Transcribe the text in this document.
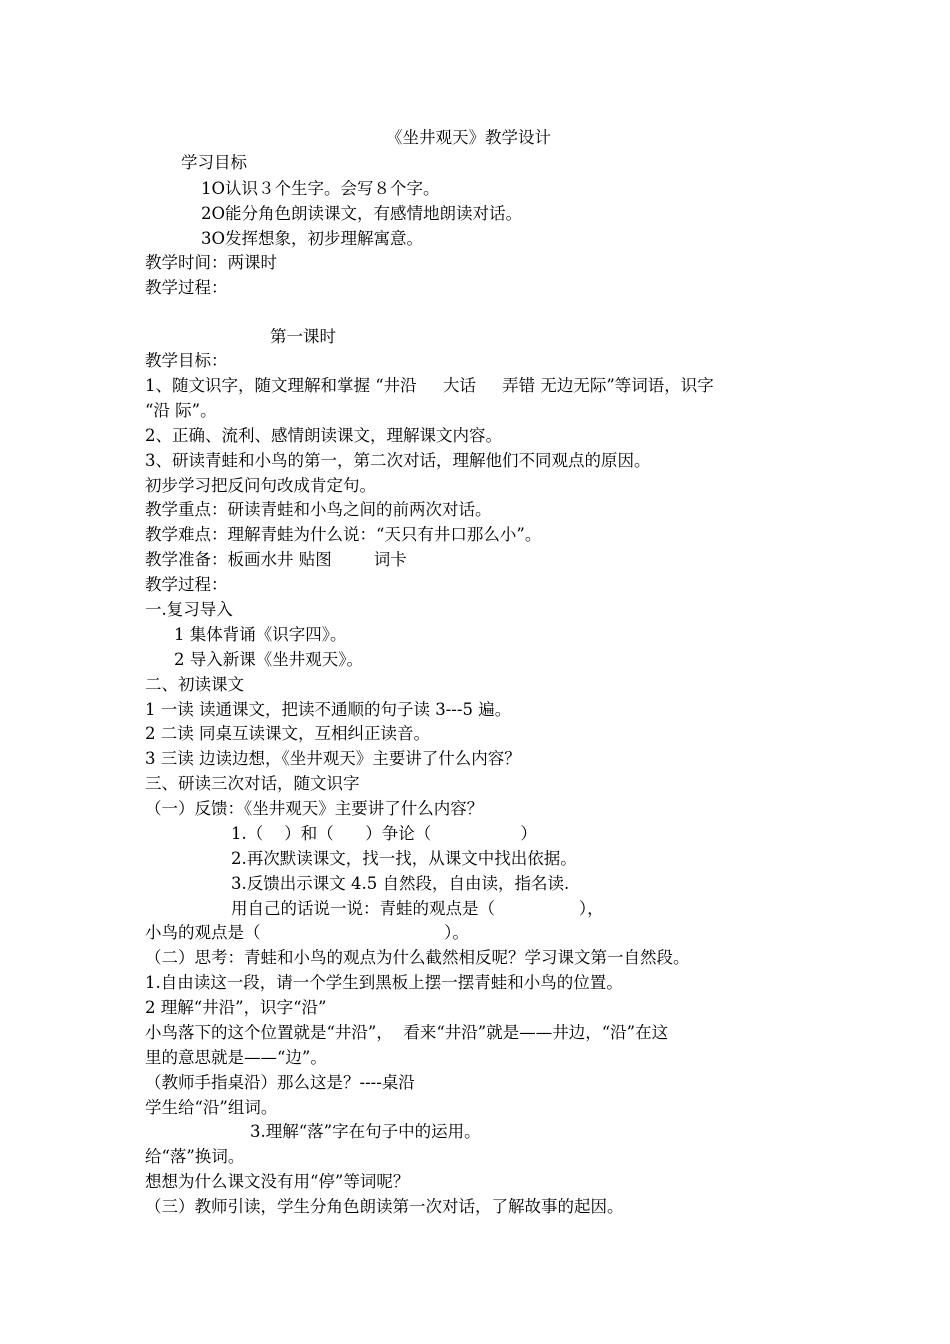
《坐井观天》教学设计
学习目标
1O认识３个生字。会写８个字。
2O能分角色朗读课文，有感情地朗读对话。
3O发挥想象，初步理解寓意。
教学时间：两课时
教学过程：
第一课时
教学目标：
1、随文识字，随文理解和掌握 “井沿     大话     弄错 无边无际”等词语，识字
“沿 际”。
2、正确、流利、感情朗读课文，理解课文内容。
3、研读青蛙和小鸟的第一，第二次对话，理解他们不同观点的原因。
初步学习把反问句改成肯定句。
教学重点：研读青蛙和小鸟之间的前两次对话。
教学难点：理解青蛙为什么说：“天只有井口那么小”。
教学准备：板画水井 贴图        词卡
教学过程：
一.复习导入
1 集体背诵《识字四》。
2 导入新课《坐井观天》。
二、初读课文
1 一读 读通课文，把读不通顺的句子读 3---5 遍。
2 二读 同桌互读课文，互相纠正读音。
3 三读 边读边想，《坐井观天》主要讲了什么内容？
三、研读三次对话，随文识字
（一）反馈：《坐井观天》主要讲了什么内容？
1.（    ）和（      ）争论（                 ）
2.再次默读课文，找一找，从课文中找出依据。
3.反馈出示课文 4.5 自然段，自由读，指名读.
用自己的话说一说：青蛙的观点是（                ），
小鸟的观点是（                                   ）。
（二）思考：青蛙和小鸟的观点为什么截然相反呢？学习课文第一自然段。
1.自由读这一段，请一个学生到黑板上摆一摆青蛙和小鸟的位置。
2 理解“井沿”，识字“沿”
小鸟落下的这个位置就是“井沿”，  看来“井沿”就是——井边，“沿”在这
里的意思就是——“边”。
（教师手指桌沿）那么这是？----桌沿
学生给“沿”组词。
3.理解“落”字在句子中的运用。
给“落”换词。
想想为什么课文没有用“停”等词呢？
（三）教师引读，学生分角色朗读第一次对话，了解故事的起因。
